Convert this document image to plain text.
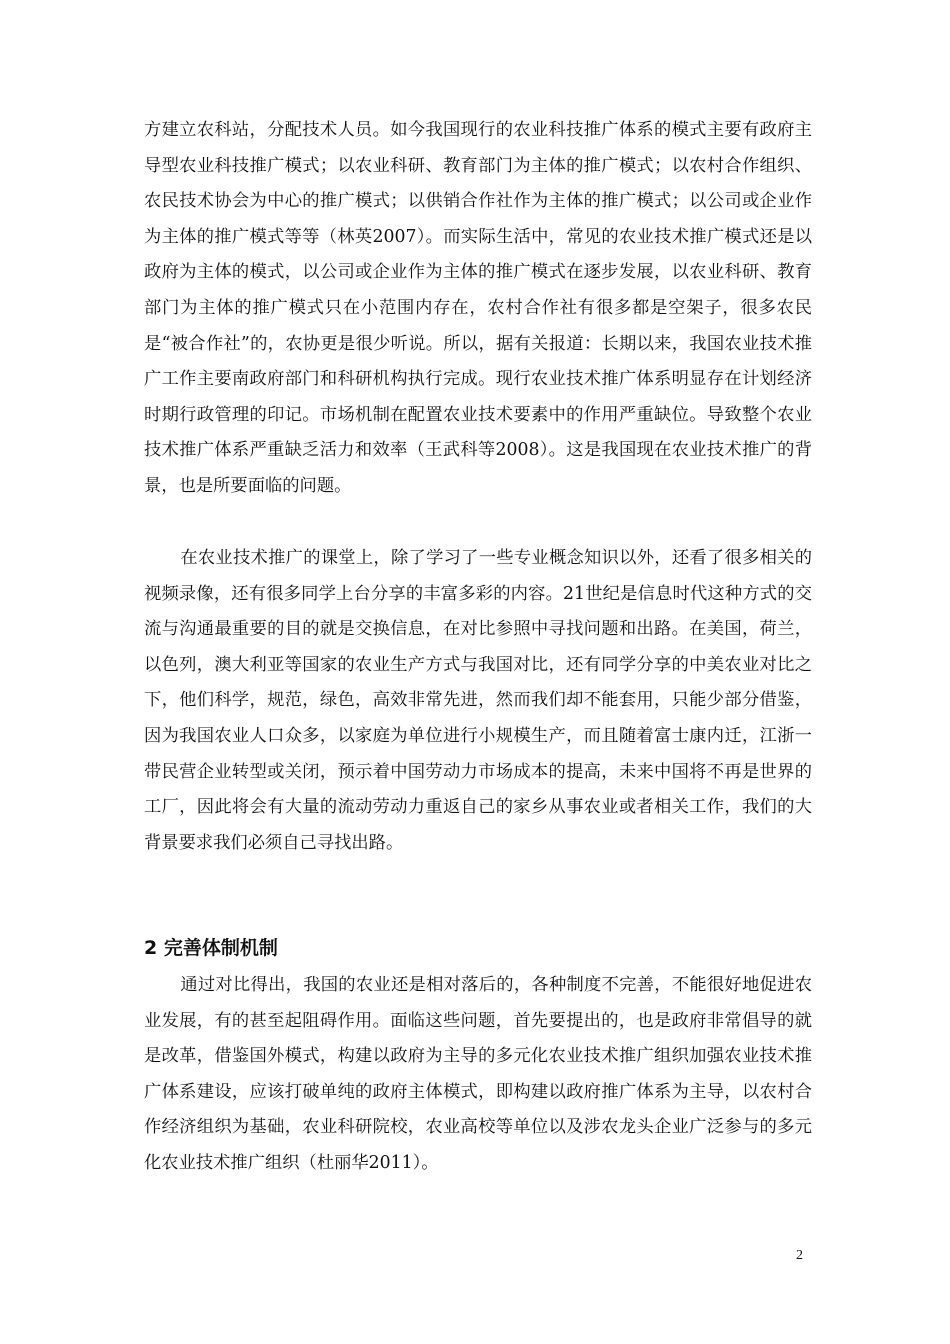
方建立农科站，分配技术人员。如今我国现行的农业科技推广体系的模式主要有政府主导型农业科技推广模式；以农业科研、教育部门为主体的推广模式；以农村合作组织、农民技术协会为中心的推广模式；以供销合作社作为主体的推广模式；以公司或企业作为主体的推广模式等等（林英2007）。而实际生活中，常见的农业技术推广模式还是以政府为主体的模式，以公司或企业作为主体的推广模式在逐步发展，以农业科研、教育部门为主体的推广模式只在小范围内存在，农村合作社有很多都是空架子，很多农民是“被合作社”的，农协更是很少听说。所以，据有关报道：长期以来，我国农业技术推广工作主要南政府部门和科研机构执行完成。现行农业技术推广体系明显存在计划经济时期行政管理的印记。市场机制在配置农业技术要素中的作用严重缺位。导致整个农业技术推广体系严重缺乏活力和效率（王武科等2008）。这是我国现在农业技术推广的背景，也是所要面临的问题。

在农业技术推广的课堂上，除了学习了一些专业概念知识以外，还看了很多相关的视频录像，还有很多同学上台分享的丰富多彩的内容。21世纪是信息时代这种方式的交流与沟通最重要的目的就是交换信息，在对比参照中寻找问题和出路。在美国，荷兰，以色列，澳大利亚等国家的农业生产方式与我国对比，还有同学分享的中美农业对比之下，他们科学，规范，绿色，高效非常先进，然而我们却不能套用，只能少部分借鉴，因为我国农业人口众多，以家庭为单位进行小规模生产，而且随着富士康内迁，江浙一带民营企业转型或关闭，预示着中国劳动力市场成本的提高，未来中国将不再是世界的工厂，因此将会有大量的流动劳动力重返自己的家乡从事农业或者相关工作，我们的大背景要求我们必须自己寻找出路。

2 完善体制机制

通过对比得出，我国的农业还是相对落后的，各种制度不完善，不能很好地促进农业发展，有的甚至起阻碍作用。面临这些问题，首先要提出的，也是政府非常倡导的就是改革，借鉴国外模式，构建以政府为主导的多元化农业技术推广组织加强农业技术推广体系建设，应该打破单纯的政府主体模式，即构建以政府推广体系为主导，以农村合作经济组织为基础，农业科研院校，农业高校等单位以及涉农龙头企业广泛参与的多元化农业技术推广组织（杜丽华2011）。

2
